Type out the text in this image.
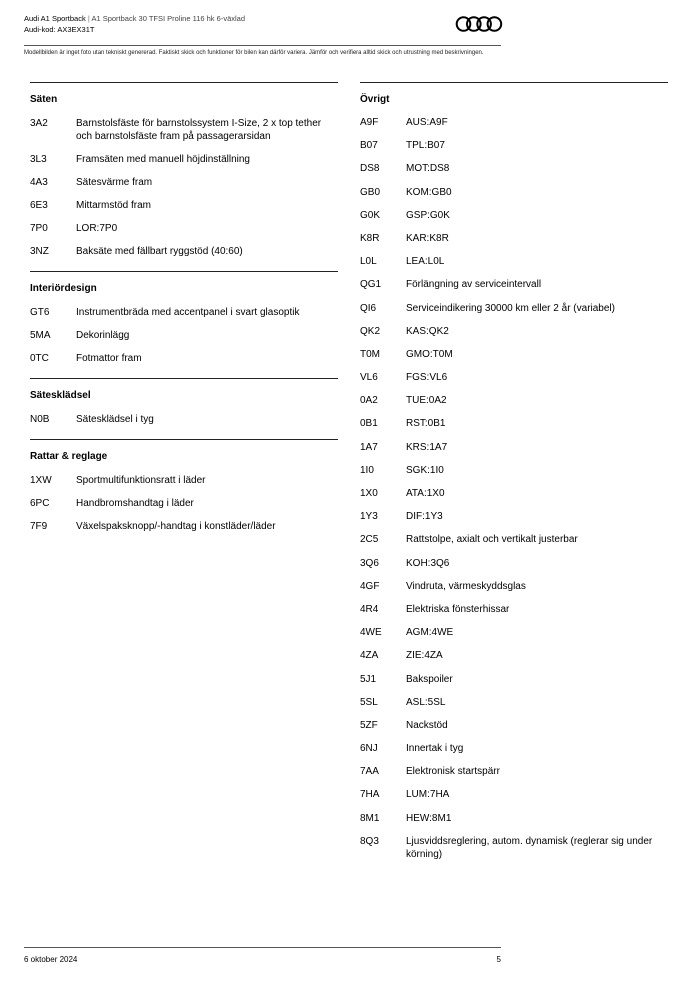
Audi A1 Sportback | A1 Sportback 30 TFSI Proline 116 hk 6-växlad
Audi-kod: AX3EX31T
Modellbilden är inget foto utan tekniskt genererad. Faktiskt skick och funktioner för bilen kan därför variera. Jämför och verifiera alltid skick och utrustning med beskrivningen.
Säten
3A2	Barnstolsfäste för barnstolssystem I-Size, 2 x top tether och barnstolsfäste fram på passagerarsidan
3L3	Framsäten med manuell höjdinställning
4A3	Sätesvärme fram
6E3	Mittarmstöd fram
7P0	LOR:7P0
3NZ	Baksäte med fällbart ryggstöd (40:60)
Interiördesign
GT6	Instrumentbräda med accentpanel i svart glasoptik
5MA	Dekorinlägg
0TC	Fotmattor fram
Sätesklädsel
N0B	Sätesklädsel i tyg
Rattar & reglage
1XW	Sportmultifunktionsratt i läder
6PC	Handbromshandtag i läder
7F9	Växelspaksknopp/-handtag i konstläder/läder
Övrigt
A9F	AUS:A9F
B07	TPL:B07
DS8	MOT:DS8
GB0	KOM:GB0
G0K	GSP:G0K
K8R	KAR:K8R
L0L	LEA:L0L
QG1	Förlängning av serviceintervall
QI6	Serviceindikering 30000 km eller 2 år (variabel)
QK2	KAS:QK2
T0M	GMO:T0M
VL6	FGS:VL6
0A2	TUE:0A2
0B1	RST:0B1
1A7	KRS:1A7
1I0	SGK:1I0
1X0	ATA:1X0
1Y3	DIF:1Y3
2C5	Rattstolpe, axialt och vertikalt justerbar
3Q6	KOH:3Q6
4GF	Vindruta, värmeskyddsglas
4R4	Elektriska fönsterhissar
4WE	AGM:4WE
4ZA	ZIE:4ZA
5J1	Bakspoiler
5SL	ASL:5SL
5ZF	Nackstöd
6NJ	Innertak i tyg
7AA	Elektronisk startspärr
7HA	LUM:7HA
8M1	HEW:8M1
8Q3	Ljusviddsreglering, autom. dynamisk (reglerar sig under körning)
6 oktober 2024	5
